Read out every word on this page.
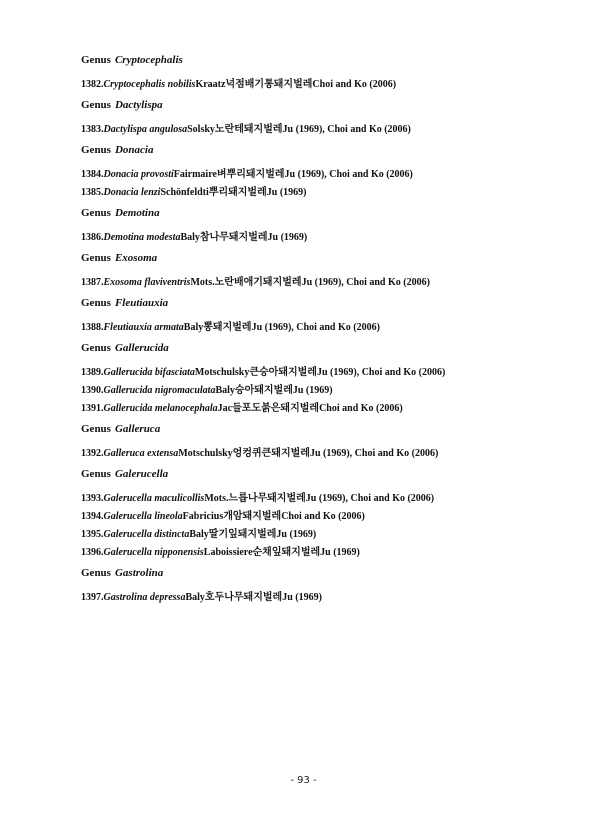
Genus Cryptocephalis
1382.Cryptocephalis nobilisKraatz넉점배기통돼지벌레Choi and Ko (2006)
Genus Dactylispa
1383.Dactylispa angulosaSolsky노란테돼지벌레Ju (1969), Choi and Ko (2006)
Genus Donacia
1384.Donacia provostiFairmaire벼뿌리돼지벌레Ju (1969), Choi and Ko (2006)
1385.Donacia lenziSchönfeldti뿌리돼지벌레Ju (1969)
Genus Demotina
1386.Demotina modestaBaly참나무돼지벌레Ju (1969)
Genus Exosoma
1387.Exosoma flaviventrisMots.노란배애기돼지벌레Ju (1969), Choi and Ko (2006)
Genus Fleutiauxia
1388.Fleutiauxia armataBaly뽕돼지벌레Ju (1969), Choi and Ko (2006)
Genus Gallerucida
1389.Gallerucida bifasciataMotschulsky큰승아돼지벌레Ju (1969), Choi and Ko (2006)
1390.Gallerucida nigromaculataBaly승아돼지벌레Ju (1969)
1391.Gallerucida melanocephalaJac들포도붉은돼지벌레Choi and Ko (2006)
Genus Galleruca
1392.Galleruca extensaMotschulsky엉컹퀴큰돼지벌레Ju (1969), Choi and Ko (2006)
Genus Galerucella
1393.Galerucella maculicollisMots.느릅나무돼지벌레Ju (1969), Choi and Ko (2006)
1394.Galerucella lineolaFabricius개암돼지벌레Choi and Ko (2006)
1395.Galerucella distinctaBaly딸기잎돼지벌레Ju (1969)
1396.Galerucella nipponensisLaboissiere순채잎돼지벌레Ju (1969)
Genus Gastrolina
1397.Gastrolina depressaBaly호두나무돼지벌레Ju (1969)
- 93 -
